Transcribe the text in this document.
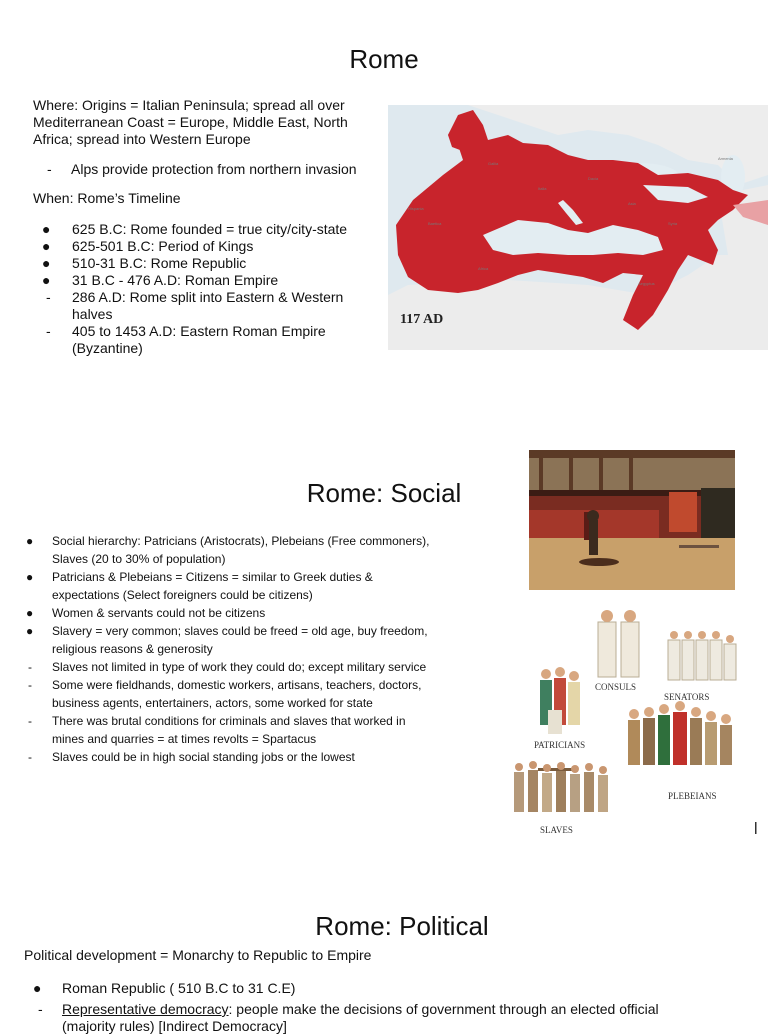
Rome
Where: Origins = Italian Peninsula; spread all over Mediterranean Coast = Europe, Middle East, North Africa; spread into Western Europe
- Alps provide protection from northern invasion
When: Rome’s Timeline
● 625 B.C: Rome founded = true city/city-state
● 625-501 B.C: Period of Kings
● 510-31 B.C: Rome Republic
● 31 B.C - 476 A.D: Roman Empire
- 286 A.D: Rome split into Eastern & Western halves
- 405 to 1453 A.D: Eastern Roman Empire (Byzantine)
Hispania
Baetica
Gallia
Italia
Dacia
Asia
Syria
Aegyptus
Africa
Armenia
117 AD
Rome: Social
● Social hierarchy: Patricians (Aristocrats), Plebeians (Free commoners), Slaves (20 to 30% of population)
● Patricians & Plebeians = Citizens = similar to Greek duties & expectations (Select foreigners could be citizens)
● Women & servants could not be citizens
● Slavery = very common; slaves could be freed = old age, buy freedom, religious reasons & generosity
- Slaves not limited in type of work they could do; except military service
- Some were fieldhands, domestic workers, artisans, teachers, doctors, business agents, entertainers, actors, some worked for state
- There was brutal conditions for criminals and slaves that worked in mines and quarries = at times revolts = Spartacus
- Slaves could be in high social standing jobs or the lowest
CONSULS
SENATORS
PATRICIANS
PLEBEIANS
SLAVES
Rome: Political
Political development = Monarchy to Republic to Empire
● Roman Republic ( 510 B.C to 31 C.E)
- Representative democracy: people make the decisions of government through an elected official
(majority rules) [Indirect Democracy]
